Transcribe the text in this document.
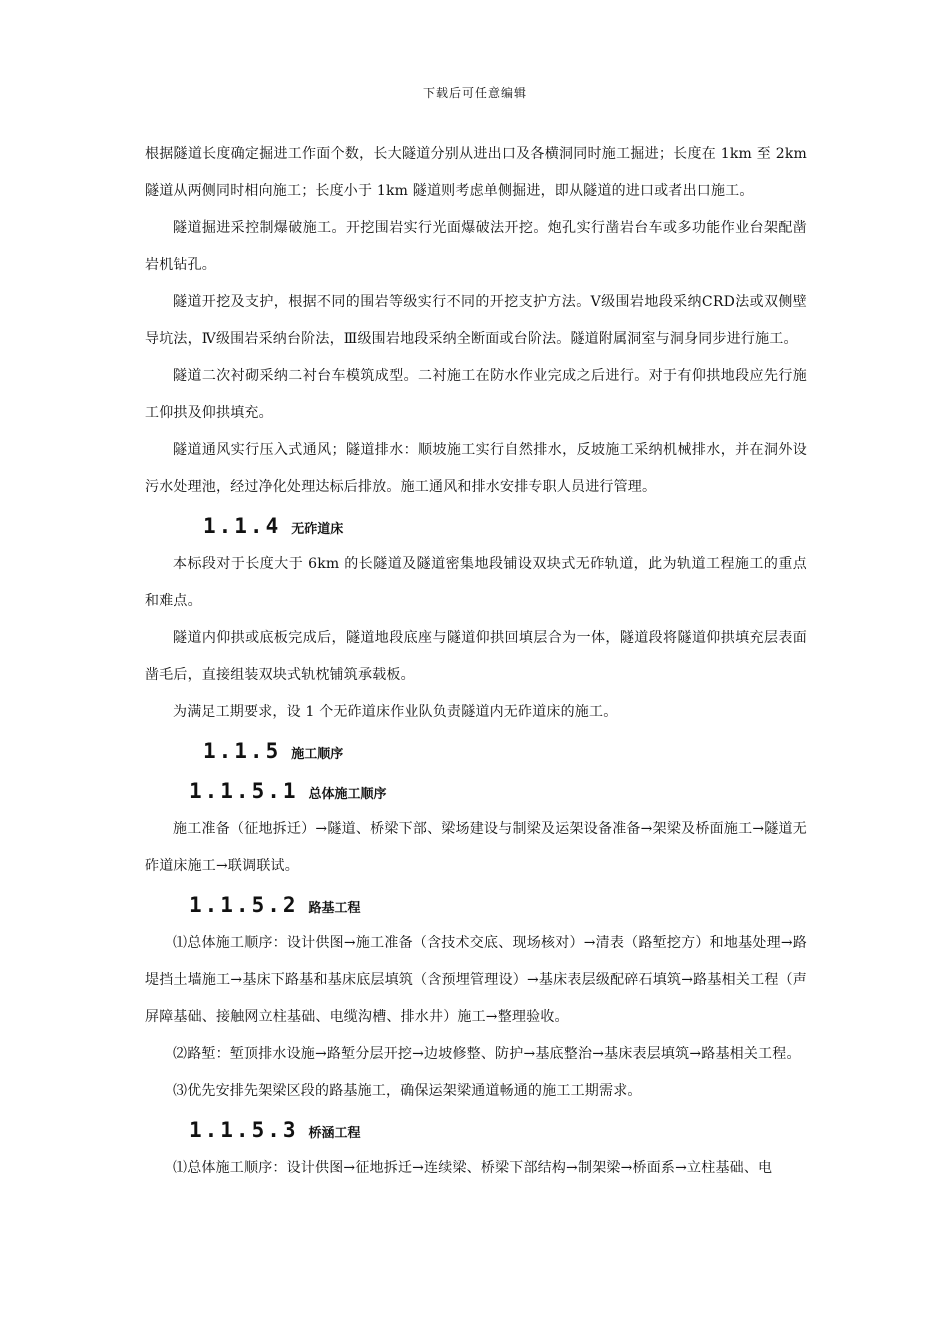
下载后可任意编辑

根据隧道长度确定掘进工作面个数，长大隧道分别从进出口及各横洞同时施工掘进；长度在 1km 至 2km 隧道从两侧同时相向施工；长度小于 1km 隧道则考虑单侧掘进，即从隧道的进口或者出口施工。

隧道掘进采控制爆破施工。开挖围岩实行光面爆破法开挖。炮孔实行凿岩台车或多功能作业台架配凿岩机钻孔。

隧道开挖及支护，根据不同的围岩等级实行不同的开挖支护方法。Ⅴ级围岩地段采纳CRD法或双侧壁导坑法，Ⅳ级围岩采纳台阶法，Ⅲ级围岩地段采纳全断面或台阶法。隧道附属洞室与洞身同步进行施工。

隧道二次衬砌采纳二衬台车模筑成型。二衬施工在防水作业完成之后进行。对于有仰拱地段应先行施工仰拱及仰拱填充。

隧道通风实行压入式通风；隧道排水：顺坡施工实行自然排水，反坡施工采纳机械排水，并在洞外设污水处理池，经过净化处理达标后排放。施工通风和排水安排专职人员进行管理。

1.1.4 无砟道床

本标段对于长度大于 6km 的长隧道及隧道密集地段铺设双块式无砟轨道，此为轨道工程施工的重点和难点。

隧道内仰拱或底板完成后，隧道地段底座与隧道仰拱回填层合为一体，隧道段将隧道仰拱填充层表面凿毛后，直接组装双块式轨枕铺筑承载板。

为满足工期要求，设 1 个无砟道床作业队负责隧道内无砟道床的施工。

1.1.5 施工顺序
1.1.5.1 总体施工顺序

施工准备（征地拆迁）→隧道、桥梁下部、梁场建设与制梁及运架设备准备→架梁及桥面施工→隧道无砟道床施工→联调联试。

1.1.5.2 路基工程

⑴总体施工顺序：设计供图→施工准备（含技术交底、现场核对）→清表（路堑挖方）和地基处理→路堤挡土墙施工→基床下路基和基床底层填筑（含预埋管理设）→基床表层级配碎石填筑→路基相关工程（声屏障基础、接触网立柱基础、电缆沟槽、排水井）施工→整理验收。

⑵路堑：堑顶排水设施→路堑分层开挖→边坡修整、防护→基底整治→基床表层填筑→路基相关工程。

⑶优先安排先架梁区段的路基施工，确保运架梁通道畅通的施工工期需求。

1.1.5.3 桥涵工程

⑴总体施工顺序：设计供图→征地拆迁→连续梁、桥梁下部结构→制架梁→桥面系→立柱基础、电
